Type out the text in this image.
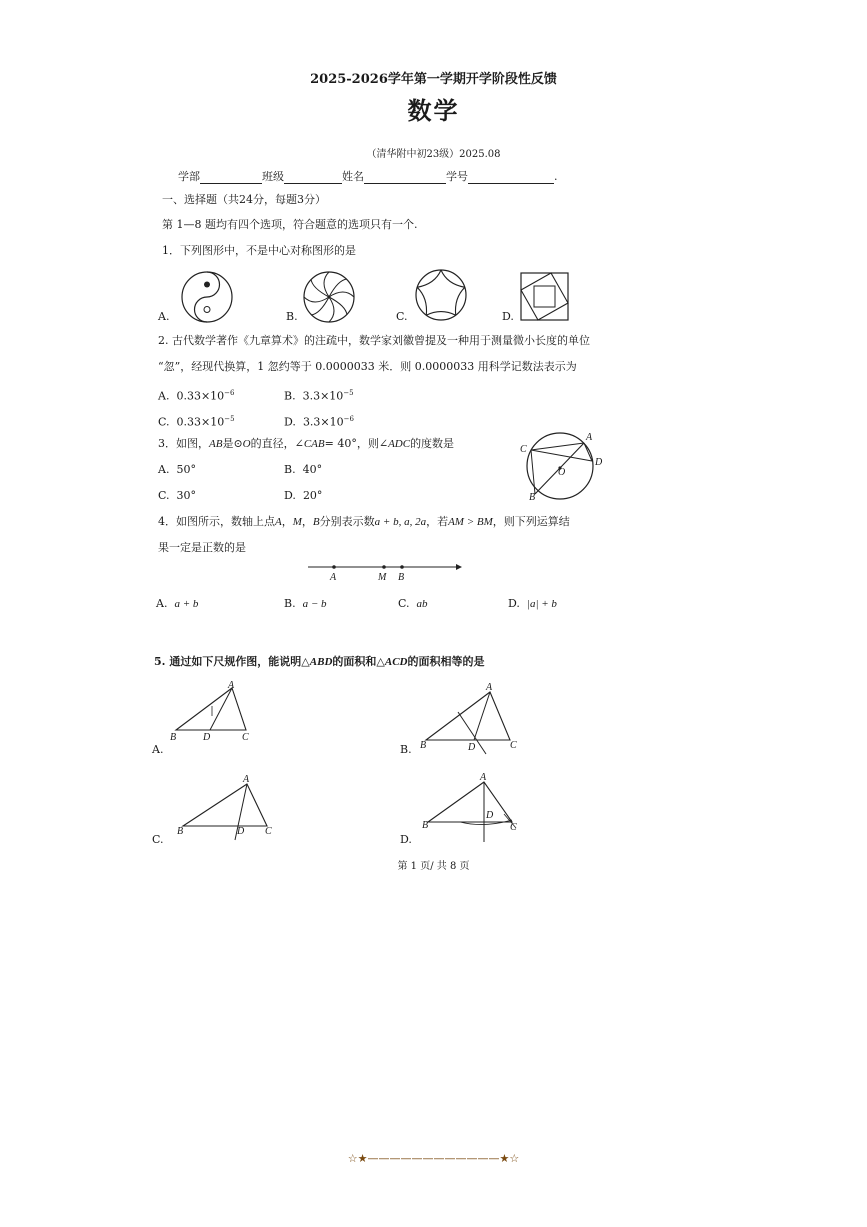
2025-2026学年第一学期开学阶段性反馈
数学
（清华附中初23级）2025.08
学部	班级	姓名	学号	.
一、选择题（共24分，每题3分）
第 1—8 题均有四个选项，符合题意的选项只有一个.
1．下列图形中，不是中心对称图形的是
A.	B.	C.	D.
2. 古代数学著作《九章算术》的注疏中，数学家刘徽曾提及一种用于测量微小长度的单位
“忽”，经现代换算，1 忽约等于 0.0000033 米．则 0.0000033 用科学记数法表示为
A. $0.33\times 10^{-6}$	B. $3.3\times 10^{-5}$
C. $0.33\times 10^{-5}$	D. $3.3\times 10^{-6}$
3．如图，AB是⊙O的直径，∠CAB= 40°，则∠ADC的度数是
A. 50°	B. 40°
C. 30°	D. 20°
A
C
D
B
O
4．如图所示，数轴上点A，M，B分别表示数a + b, a, 2a，若AM > BM，则下列运算结
果一定是正数的是
A	M B
A. a + b	B. a − b	C. ab	D. |a| + b
5. 通过如下尺规作图，能说明△ABD的面积和△ACD的面积相等的是
A.	B.
C.	D.
A
B	D	C
A
B	D	C
A
B	D C
A
B
D
C
第 1 页/ 共 8 页
☆★————————————★☆
